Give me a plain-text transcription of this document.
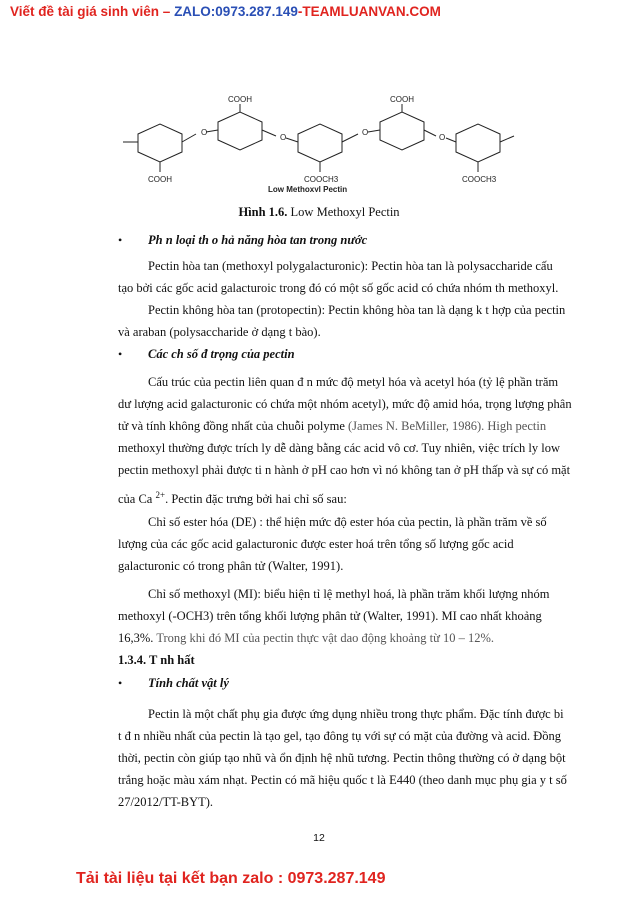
Viết đề tài giá sinh viên – ZALO:0973.287.149-TEAMLUANVAN.COM
O
O
O
O
COOH
COOH
COOCH3
COOH
COOCH3
Low Methoxyl Pectin
Hình 1.6. Low Methoxyl Pectin
• Ph n loại th o hả năng hòa tan trong nước
Pectin hòa tan (methoxyl polygalacturonic): Pectin hòa tan là polysaccharide cấu
tạo bởi các gốc acid galacturoic trong đó có một số gốc acid có chứa nhóm th methoxyl.
Pectin không hòa tan (protopectin): Pectin không hòa tan là dạng k t hợp của pectin
và araban (polysaccharide ở dạng t bào).
• Các ch số đ trọng của pectin
Cấu trúc của pectin liên quan đ n mức độ metyl hóa và acetyl hóa (tỷ lệ phần trăm
dư lượng acid galacturonic có chứa một nhóm acetyl), mức độ amid hóa, trọng lượng phân
tử và tính không đồng nhất của chuỗi polyme (James N. BeMiller, 1986). High pectin
methoxyl thường được trích ly dễ dàng bằng các acid vô cơ. Tuy nhiên, việc trích ly low
pectin methoxyl phải được ti n hành ở pH cao hơn vì nó không tan ở pH thấp và sự có mặt
của Ca $^{2+}$. Pectin đặc trưng bởi hai chỉ số sau:
Chỉ số ester hóa (DE) : thể hiện mức độ ester hóa của pectin, là phần trăm về số
lượng của các gốc acid galacturonic được ester hoá trên tổng số lượng gốc acid
galacturonic có trong phân tử (Walter, 1991).
Chỉ số methoxyl (MI): biểu hiện tỉ lệ methyl hoá, là phần trăm khối lượng nhóm
methoxyl (-OCH3) trên tổng khối lượng phân tử (Walter, 1991). MI cao nhất khoảng
16,3%. Trong khi đó MI của pectin thực vật dao động khoảng từ 10 – 12%.
1.3.4. T nh hất
• Tính chất vật lý
Pectin là một chất phụ gia được ứng dụng nhiều trong thực phẩm. Đặc tính được bi
t đ n nhiều nhất của pectin là tạo gel, tạo đông tụ với sự có mặt của đường và acid. Đồng
thời, pectin còn giúp tạo nhũ và ổn định hệ nhũ tương. Pectin thông thường có ở dạng bột
trắng hoặc màu xám nhạt. Pectin có mã hiệu quốc t là E440 (theo danh mục phụ gia y t số
27/2012/TT-BYT).
12
Tải tài liệu tại kết bạn zalo : 0973.287.149
